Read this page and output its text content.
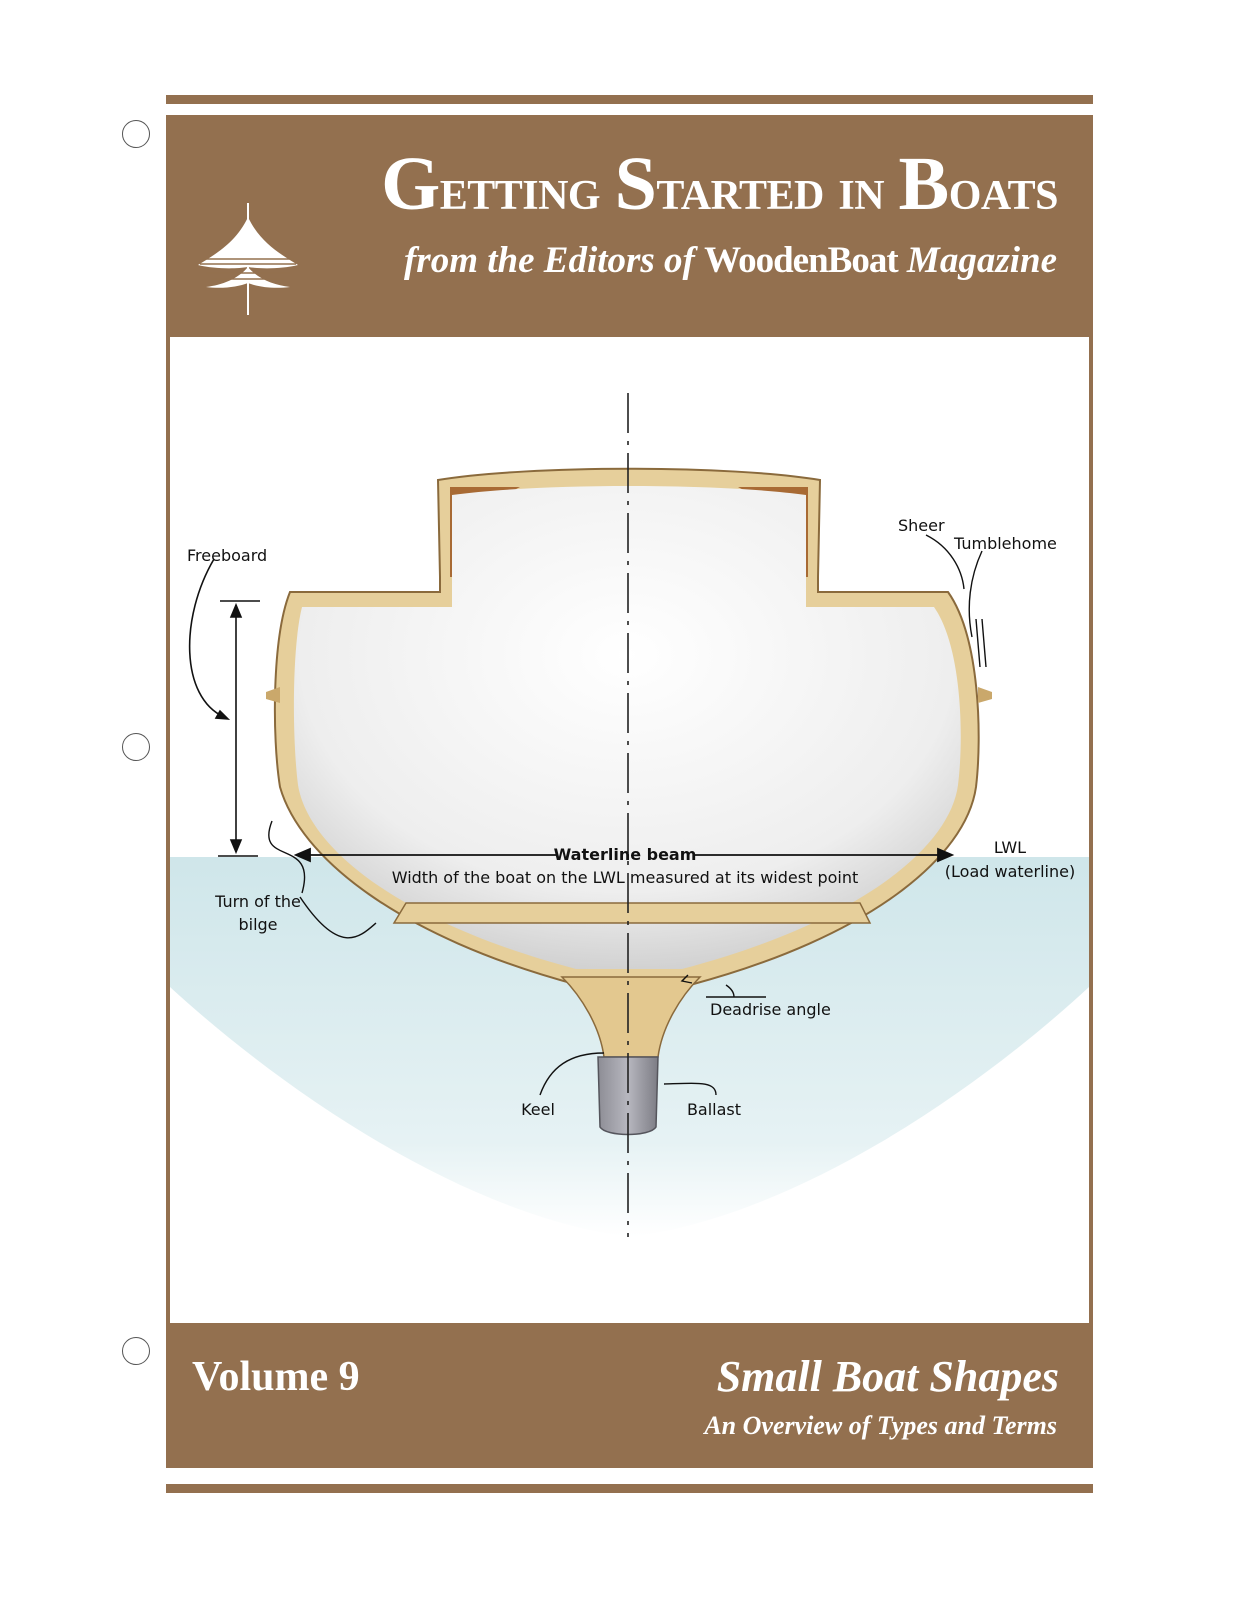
Getting Started in Boats
from the Editors of WoodenBoat Magazine
Freeboard
Sheer
Tumblehome
Waterline beam
Width of the boat on the LWL measured at its widest point
LWL
(Load waterline)
Turn of the
bilge
Deadrise angle
Keel	Ballast
Volume 9	Small Boat Shapes
An Overview of Types and Terms
